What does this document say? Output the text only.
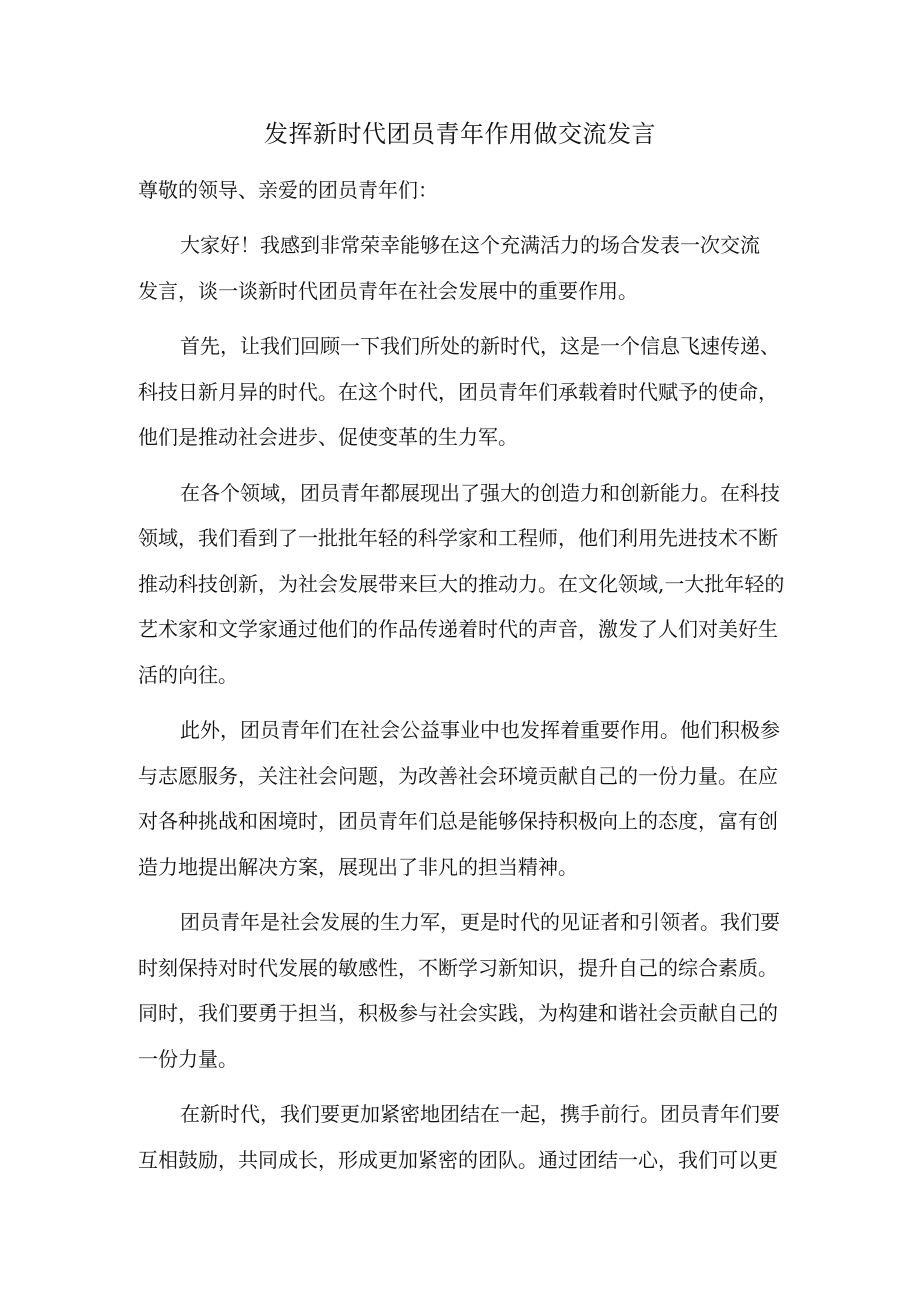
发挥新时代团员青年作用做交流发言

尊敬的领导、亲爱的团员青年们：

大家好！我感到非常荣幸能够在这个充满活力的场合发表一次交流
发言，谈一谈新时代团员青年在社会发展中的重要作用。
首先，让我们回顾一下我们所处的新时代，这是一个信息飞速传递、
科技日新月异的时代。在这个时代，团员青年们承载着时代赋予的使命，
他们是推动社会进步、促使变革的生力军。
在各个领域，团员青年都展现出了强大的创造力和创新能力。在科技
领域，我们看到了一批批年轻的科学家和工程师，他们利用先进技术不断
推动科技创新，为社会发展带来巨大的推动力。在文化领域,一大批年轻的
艺术家和文学家通过他们的作品传递着时代的声音，激发了人们对美好生
活的向往。
此外，团员青年们在社会公益事业中也发挥着重要作用。他们积极参
与志愿服务，关注社会问题，为改善社会环境贡献自己的一份力量。在应
对各种挑战和困境时，团员青年们总是能够保持积极向上的态度，富有创
造力地提出解决方案，展现出了非凡的担当精神。
团员青年是社会发展的生力军，更是时代的见证者和引领者。我们要
时刻保持对时代发展的敏感性，不断学习新知识，提升自己的综合素质。
同时，我们要勇于担当，积极参与社会实践，为构建和谐社会贡献自己的
一份力量。
在新时代，我们要更加紧密地团结在一起，携手前行。团员青年们要
互相鼓励，共同成长，形成更加紧密的团队。通过团结一心，我们可以更
